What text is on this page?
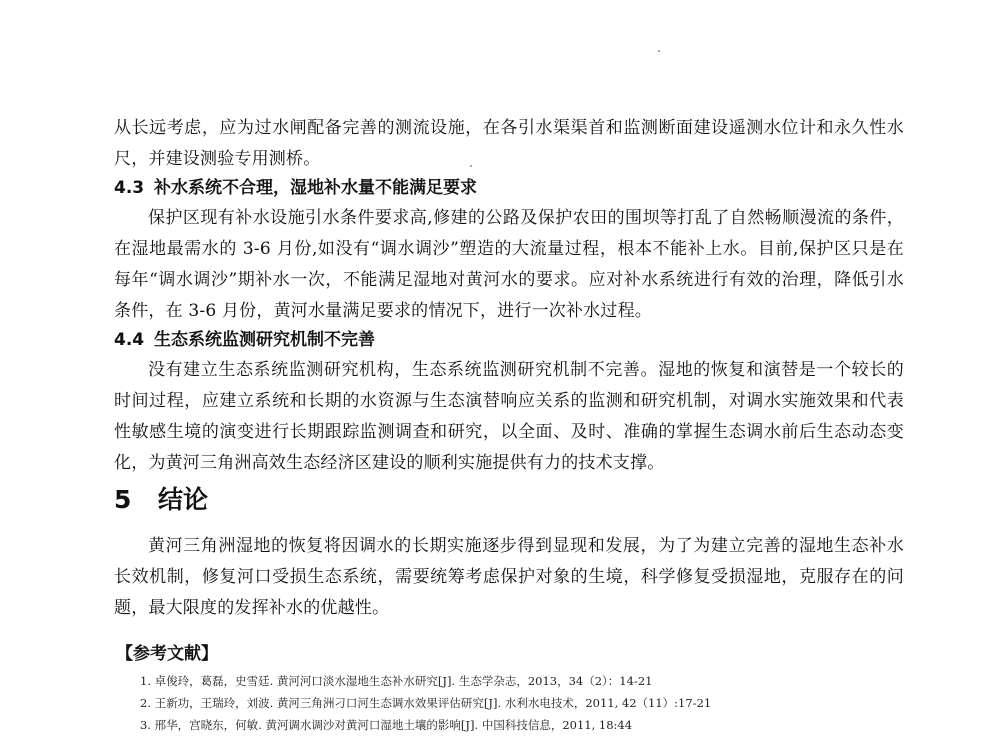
从长远考虑，应为过水闸配备完善的测流设施，在各引水渠渠首和监测断面建设遥测水位计和永久性水尺，并建设测验专用测桥。

4.3 补水系统不合理，湿地补水量不能满足要求

保护区现有补水设施引水条件要求高,修建的公路及保护农田的围坝等打乱了自然畅顺漫流的条件，在湿地最需水的 3-6 月份,如没有“调水调沙”塑造的大流量过程，根本不能补上水。目前,保护区只是在每年“调水调沙”期补水一次，不能满足湿地对黄河水的要求。应对补水系统进行有效的治理，降低引水条件，在 3-6 月份，黄河水量满足要求的情况下，进行一次补水过程。

4.4 生态系统监测研究机制不完善

没有建立生态系统监测研究机构，生态系统监测研究机制不完善。湿地的恢复和演替是一个较长的时间过程，应建立系统和长期的水资源与生态演替响应关系的监测和研究机制，对调水实施效果和代表性敏感生境的演变进行长期跟踪监测调查和研究，以全面、及时、准确的掌握生态调水前后生态动态变化，为黄河三角洲高效生态经济区建设的顺利实施提供有力的技术支撑。

5 结论

黄河三角洲湿地的恢复将因调水的长期实施逐步得到显现和发展，为了为建立完善的湿地生态补水长效机制，修复河口受损生态系统，需要统筹考虑保护对象的生境，科学修复受损湿地，克服存在的问题，最大限度的发挥补水的优越性。

【参考文献】
1. 卓俊玲，葛磊，史雪廷. 黄河河口淡水湿地生态补水研究[J]. 生态学杂志，2013，34（2）：14-21
2. 王新功，王瑞玲，刘波. 黄河三角洲刁口河生态调水效果评估研究[J]. 水利水电技术，2011, 42（11）:17-21
3. 邢华，宫晓东，何敏. 黄河调水调沙对黄河口湿地土壤的影响[J]. 中国科技信息，2011, 18:44
